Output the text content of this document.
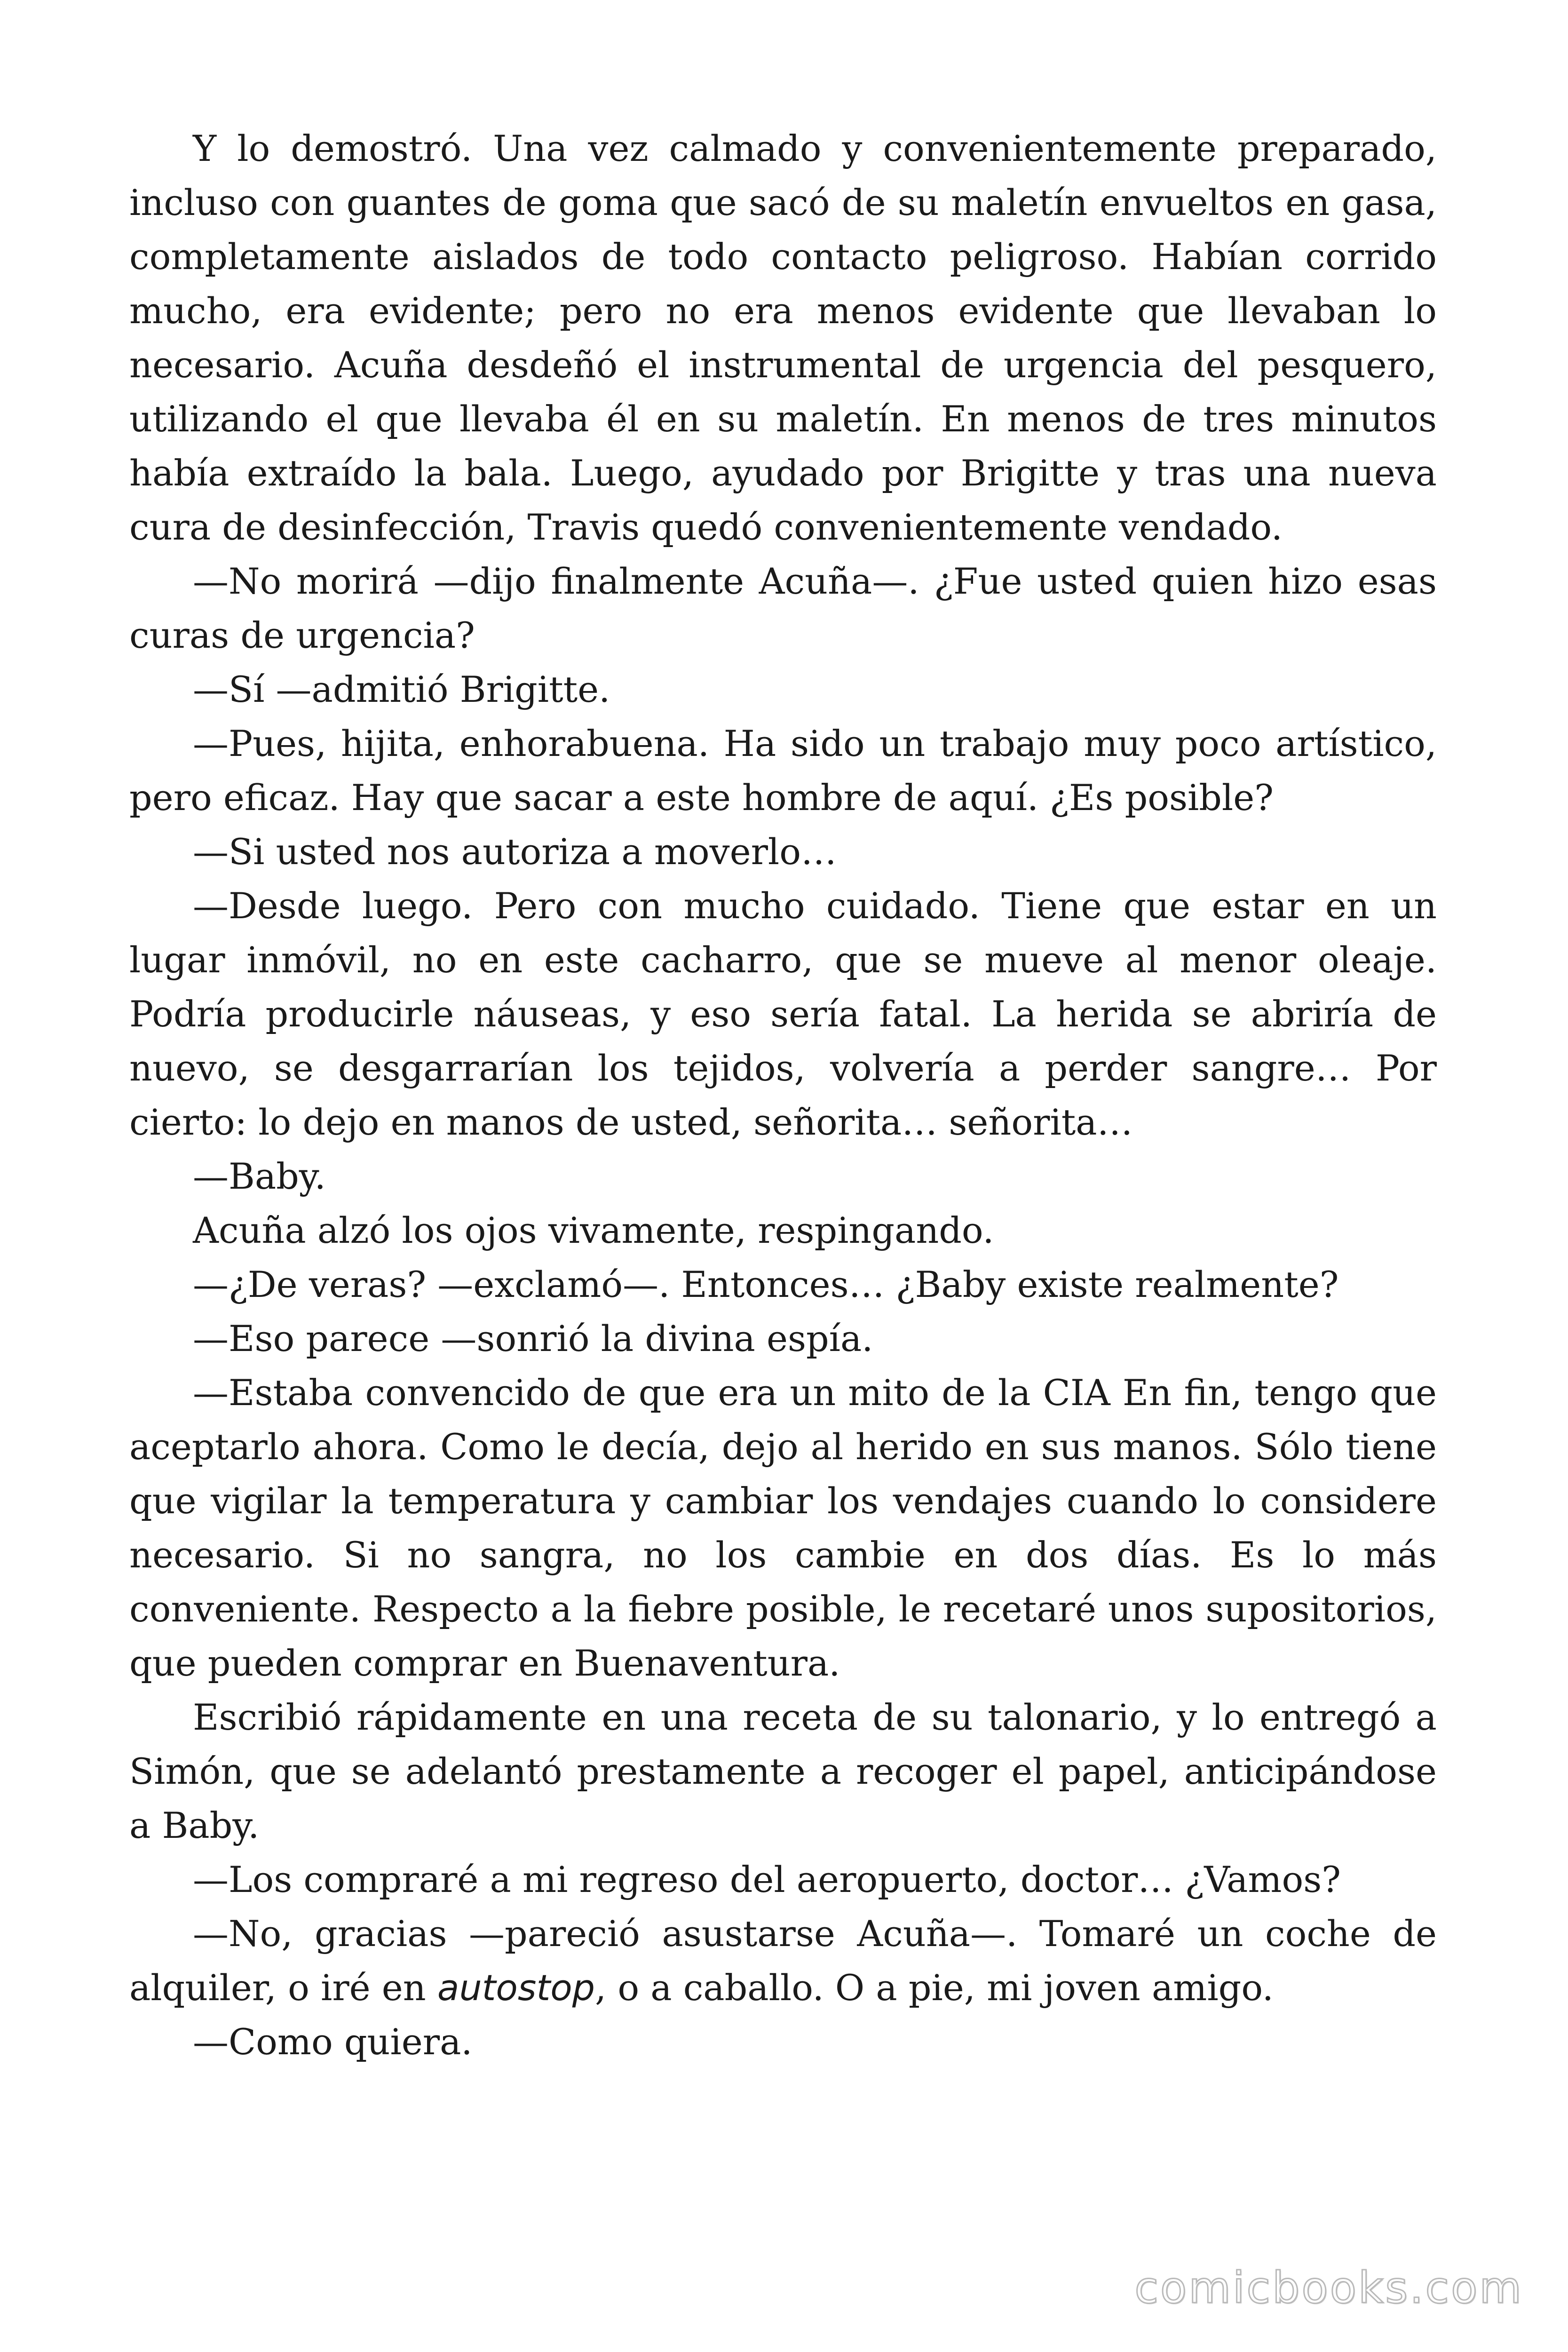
Y lo demostró. Una vez calmado y convenientemente preparado, incluso con guantes de goma que sacó de su maletín envueltos en gasa, completamente aislados de todo contacto peligroso. Habían corrido mucho, era evidente; pero no era menos evidente que llevaban lo necesario. Acuña desdeñó el instrumental de urgencia del pesquero, utilizando el que llevaba él en su maletín. En menos de tres minutos había extraído la bala. Luego, ayudado por Brigitte y tras una nueva cura de desinfección, Travis quedó convenientemente vendado.

—No morirá —dijo finalmente Acuña—. ¿Fue usted quien hizo esas curas de urgencia?

—Sí —admitió Brigitte.

—Pues, hijita, enhorabuena. Ha sido un trabajo muy poco artístico, pero eficaz. Hay que sacar a este hombre de aquí. ¿Es posible?

—Si usted nos autoriza a moverlo…

—Desde luego. Pero con mucho cuidado. Tiene que estar en un lugar inmóvil, no en este cacharro, que se mueve al menor oleaje. Podría producirle náuseas, y eso sería fatal. La herida se abriría de nuevo, se desgarrarían los tejidos, volvería a perder sangre… Por cierto: lo dejo en manos de usted, señorita… señorita…

—Baby.

Acuña alzó los ojos vivamente, respingando.

—¿De veras? —exclamó—. Entonces… ¿Baby existe realmente?

—Eso parece —sonrió la divina espía.

—Estaba convencido de que era un mito de la CIA En fin, tengo que aceptarlo ahora. Como le decía, dejo al herido en sus manos. Sólo tiene que vigilar la temperatura y cambiar los vendajes cuando lo considere necesario. Si no sangra, no los cambie en dos días. Es lo más conveniente. Respecto a la fiebre posible, le recetaré unos supositorios, que pueden comprar en Buenaventura.

Escribió rápidamente en una receta de su talonario, y lo entregó a Simón, que se adelantó prestamente a recoger el papel, anticipándose a Baby.

—Los compraré a mi regreso del aeropuerto, doctor… ¿Vamos?

—No, gracias —pareció asustarse Acuña—. Tomaré un coche de alquiler, o iré en autostop, o a caballo. O a pie, mi joven amigo.

—Como quiera.

comicbooks.com
